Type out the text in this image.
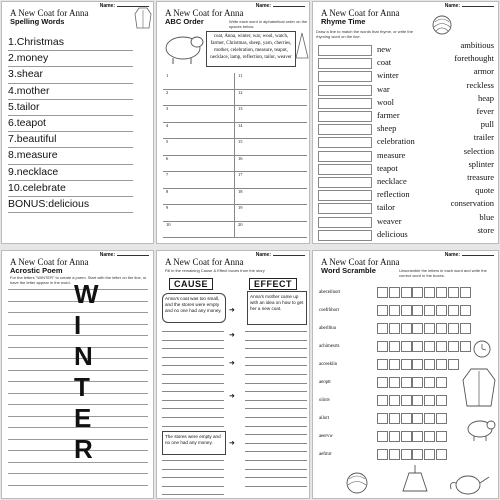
Name:
A New Coat for Anna
Spelling Words
1.Christmas
2.money
3.shear
4.mother
5.tailor
6.teapot
7.beautiful
8.measure
9.necklace
10.celebrate
BONUS:delicious
Name:
A New Coat for Anna
ABC Order	Write each word in alphabetical order on the spaces below.
coat, Anna, winter, war, wool, watch, farmer, Christmas, sheep, yarn, cherries, mother, celebration, measure, teapot, necklace, lamp, reflection, tailor, weaver
1	11
2	12
3	13
4	14
5	15
6	16
7	17
8	18
9	19
10	20
Name:
A New Coat for Anna
Rhyme Time
Draw a line to match the words that rhyme, or write the rhyming word on the line.
new
coat
winter
war
wool
farmer
sheep
celebration
measure
teapot
necklace
reflection
tailor
weaver
delicious
ambitious
forethought
armor
reckless
heap
fever
pull
trailer
selection
splinter
treasure
quote
conservation
blue
store
Name:
A New Coat for Anna
Acrostic Poem
For the letters "WINTER" to create a poem. Start with the letter on the line, or have the letter appear in the word. W
I
N
T
E
R
Name:
A New Coat for Anna
Fill in the remaining Cause & Effect boxes from the story
CAUSE	EFFECT
Anna's coat was too small, and the stores were empty and no one had any money.	➜
Anna's mother came up with an idea on how to get her a new coat.
The stores were empty and no one had any money.
➜
➜
➜
➜
Name:
A New Coat for Anna
Word Scramble	Unscramble the letters in each word and write the correct word in the boxes.
abeceilnort
coefrhhort
aberlltuu
achimesrts
acceeklin
aeoptt
oiintv
ailort
aeervw
aefmrr
